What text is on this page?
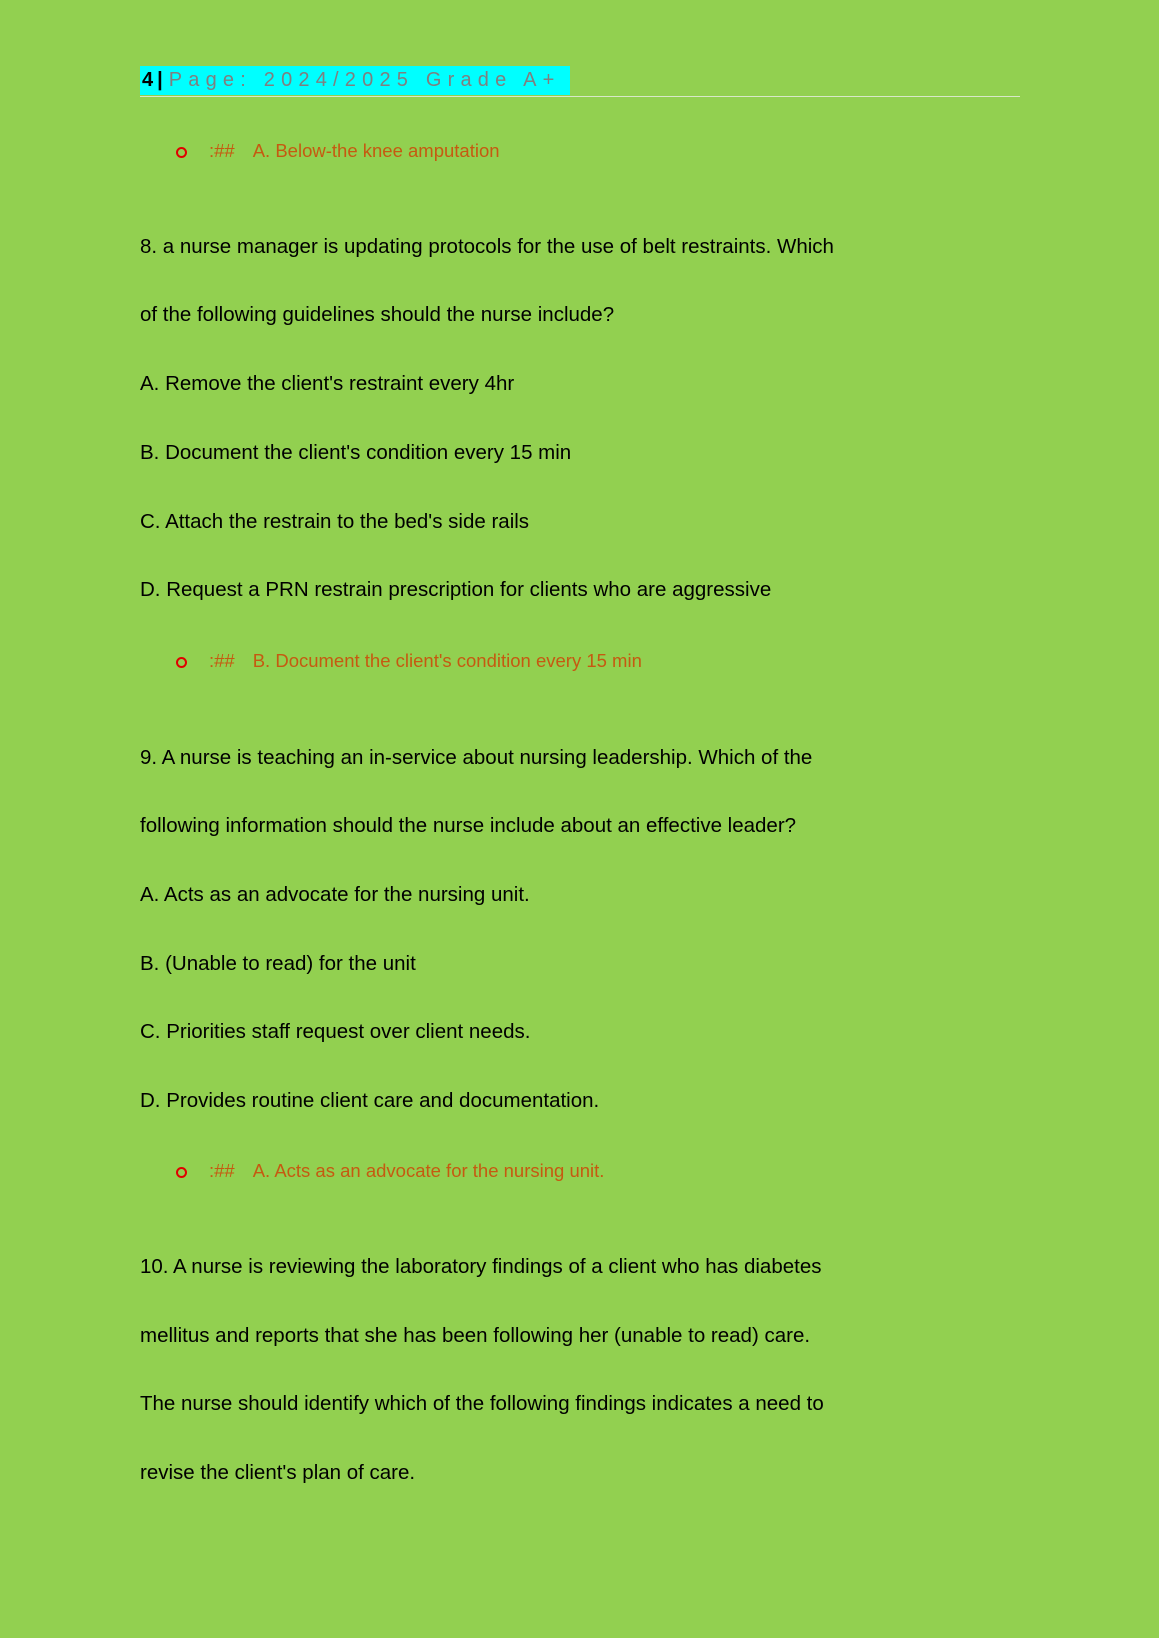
4 | Page: 2024/2025 Grade A+
:## A. Below-the knee amputation
8. a nurse manager is updating protocols for the use of belt restraints. Which
of the following guidelines should the nurse include?
A. Remove the client's restraint every 4hr
B. Document the client's condition every 15 min
C. Attach the restrain to the bed's side rails
D. Request a PRN restrain prescription for clients who are aggressive
:## B. Document the client's condition every 15 min
9. A nurse is teaching an in-service about nursing leadership. Which of the
following information should the nurse include about an effective leader?
A. Acts as an advocate for the nursing unit.
B. (Unable to read) for the unit
C. Priorities staff request over client needs.
D. Provides routine client care and documentation.
:## A. Acts as an advocate for the nursing unit.
10. A nurse is reviewing the laboratory findings of a client who has diabetes
mellitus and reports that she has been following her (unable to read) care.
The nurse should identify which of the following findings indicates a need to
revise the client's plan of care.
